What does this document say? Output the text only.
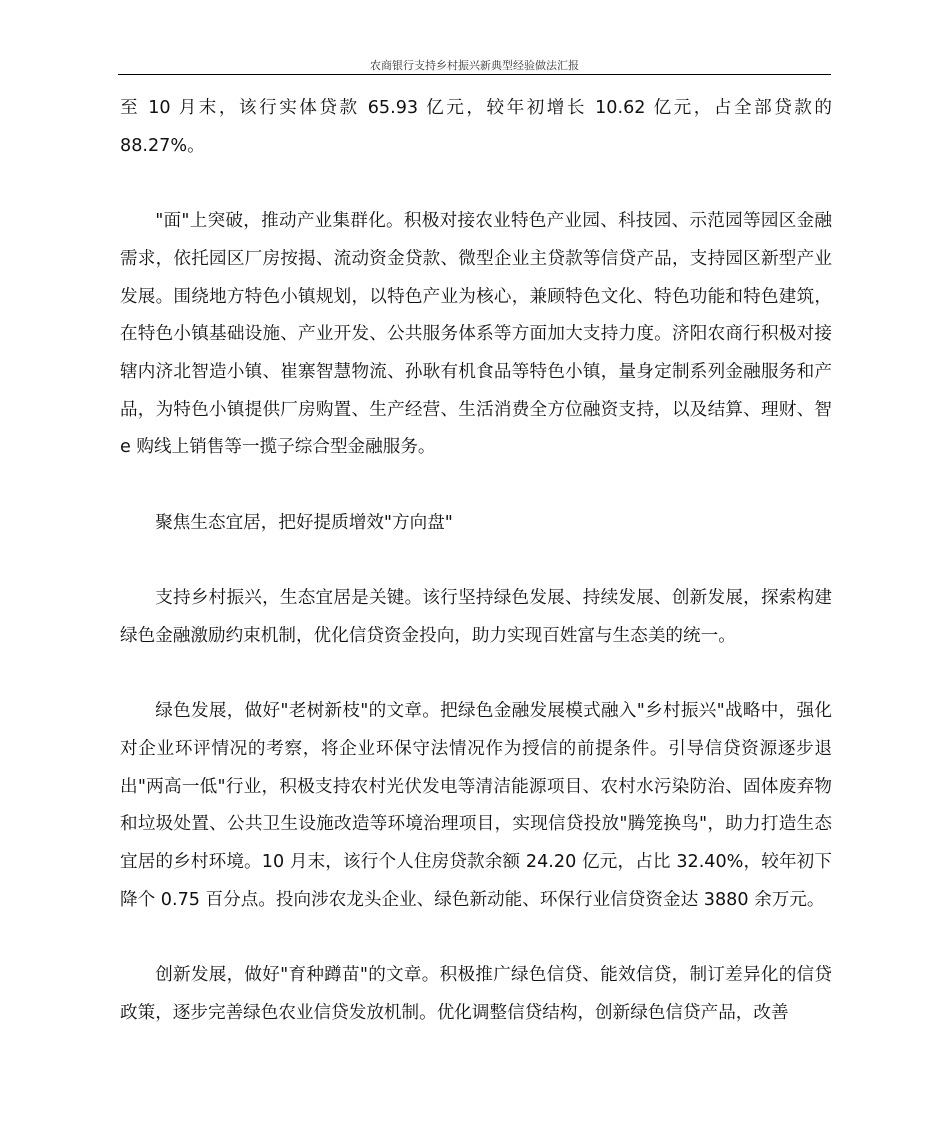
农商银行支持乡村振兴新典型经验做法汇报

至 10 月末，该行实体贷款 65.93 亿元，较年初增长 10.62 亿元，占全部贷款的 88.27%。

"面"上突破，推动产业集群化。积极对接农业特色产业园、科技园、示范园等园区金融需求，依托园区厂房按揭、流动资金贷款、微型企业主贷款等信贷产品，支持园区新型产业发展。围绕地方特色小镇规划，以特色产业为核心，兼顾特色文化、特色功能和特色建筑，在特色小镇基础设施、产业开发、公共服务体系等方面加大支持力度。济阳农商行积极对接辖内济北智造小镇、崔寨智慧物流、孙耿有机食品等特色小镇，量身定制系列金融服务和产品，为特色小镇提供厂房购置、生产经营、生活消费全方位融资支持，以及结算、理财、智 e 购线上销售等一揽子综合型金融服务。

聚焦生态宜居，把好提质增效"方向盘"

支持乡村振兴，生态宜居是关键。该行坚持绿色发展、持续发展、创新发展，探索构建绿色金融激励约束机制，优化信贷资金投向，助力实现百姓富与生态美的统一。

绿色发展，做好"老树新枝"的文章。把绿色金融发展模式融入"乡村振兴"战略中，强化对企业环评情况的考察，将企业环保守法情况作为授信的前提条件。引导信贷资源逐步退出"两高一低"行业，积极支持农村光伏发电等清洁能源项目、农村水污染防治、固体废弃物和垃圾处置、公共卫生设施改造等环境治理项目，实现信贷投放"腾笼换鸟"，助力打造生态宜居的乡村环境。10 月末，该行个人住房贷款余额 24.20 亿元，占比 32.40%，较年初下降个 0.75 百分点。投向涉农龙头企业、绿色新动能、环保行业信贷资金达 3880 余万元。

创新发展，做好"育种蹲苗"的文章。积极推广绿色信贷、能效信贷，制订差异化的信贷政策，逐步完善绿色农业信贷发放机制。优化调整信贷结构，创新绿色信贷产品，改善
